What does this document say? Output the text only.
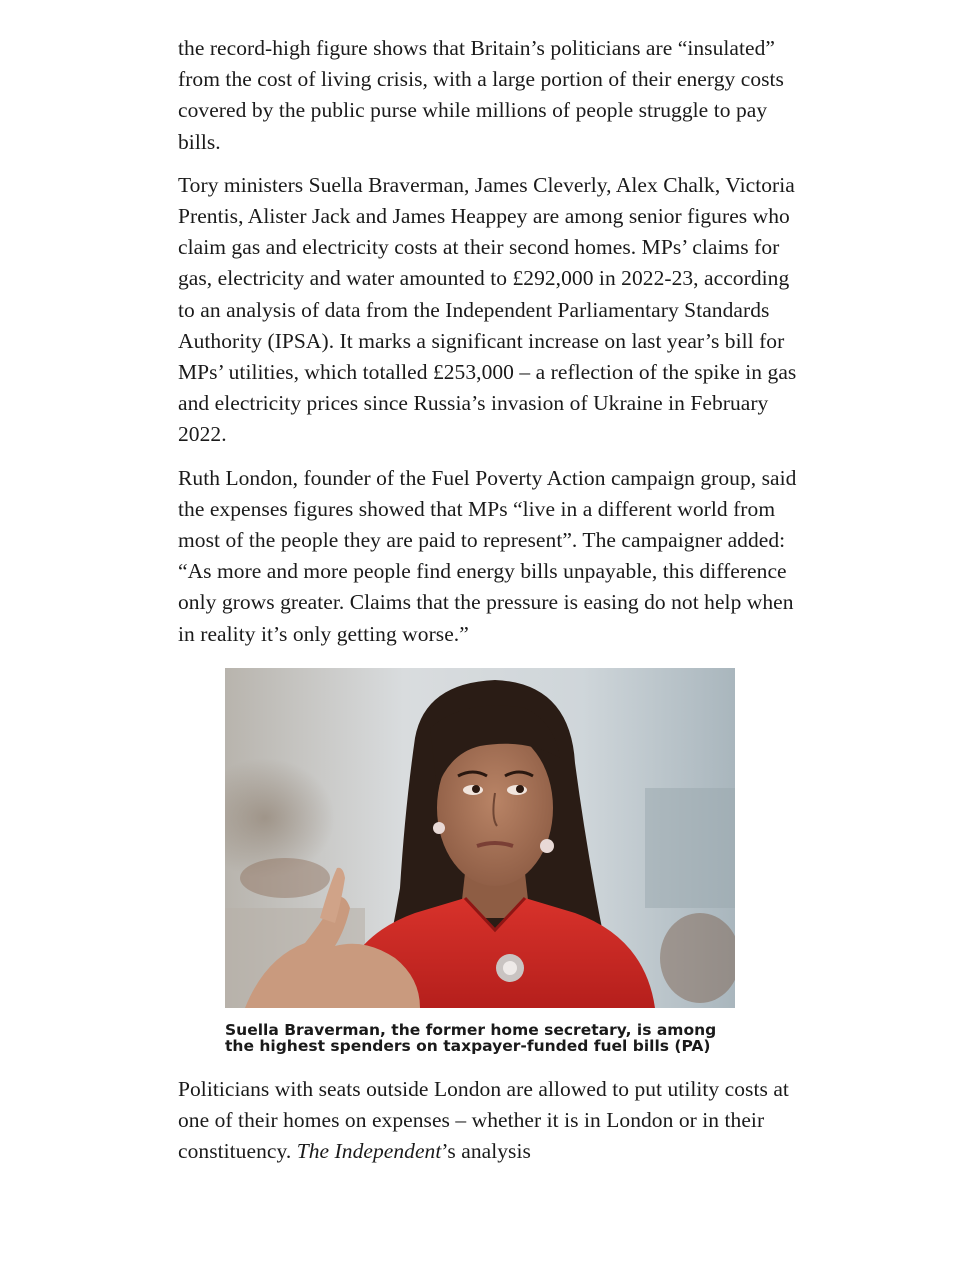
the record-high figure shows that Britain’s politicians are “insulated” from the cost of living crisis, with a large portion of their energy costs covered by the public purse while millions of people struggle to pay bills.

Tory ministers Suella Braverman, James Cleverly, Alex Chalk, Victoria Prentis, Alister Jack and James Heappey are among senior figures who claim gas and electricity costs at their second homes. MPs’ claims for gas, electricity and water amounted to £292,000 in 2022-23, according to an analysis of data from the Independent Parliamentary Standards Authority (IPSA). It marks a significant increase on last year’s bill for MPs’ utilities, which totalled £253,000 – a reflection of the spike in gas and electricity prices since Russia’s invasion of Ukraine in February 2022.

Ruth London, founder of the Fuel Poverty Action campaign group, said the expenses figures showed that MPs “live in a different world from most of the people they are paid to represent”. The campaigner added: “As more and more people find energy bills unpayable, this difference only grows greater. Claims that the pressure is easing do not help when in reality it’s only getting worse.”

Suella Braverman, the former home secretary, is among the highest spenders on taxpayer-funded fuel bills (PA)

Politicians with seats outside London are allowed to put utility costs at one of their homes on expenses – whether it is in London or in their constituency. The Independent’s analysis
